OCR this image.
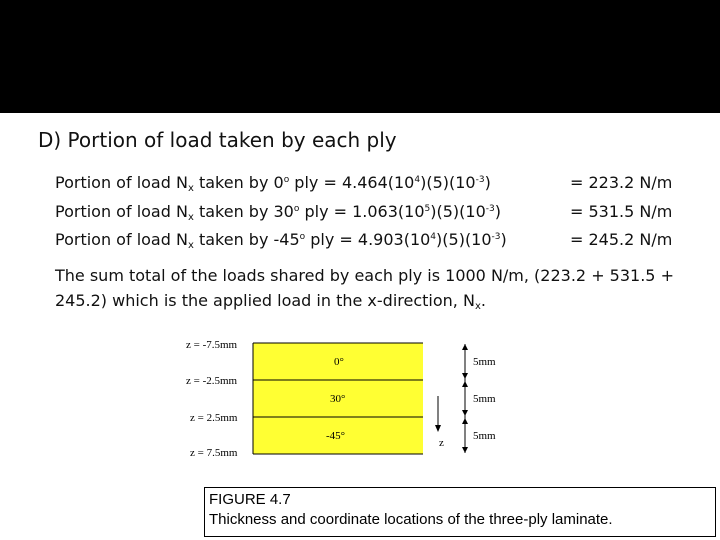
D) Portion of load taken by each ply
Portion of load $N_x$ taken by 0$^o$ ply = $4.464(10^4)(5)(10^{-3})$	= 223.2 N/m
Portion of load $N_x$ taken by 30$^o$ ply = $1.063(10^5)(5)(10^{-3})$	= 531.5 N/m
Portion of load $N_x$ taken by -45$^o$ ply = $4.903(10^4)(5)(10^{-3})$	= 245.2 N/m
The sum total of the loads shared by each ply is 1000 N/m, (223.2 + 531.5 + 245.2) which is the applied load in the x-direction, $N_x$.
z = -7.5mm
z = -2.5mm
z = 2.5mm
z = 7.5mm
0°
30°
-45°
5mm
5mm
5mm
z
FIGURE 4.7
Thickness and coordinate locations of the three-ply laminate.
